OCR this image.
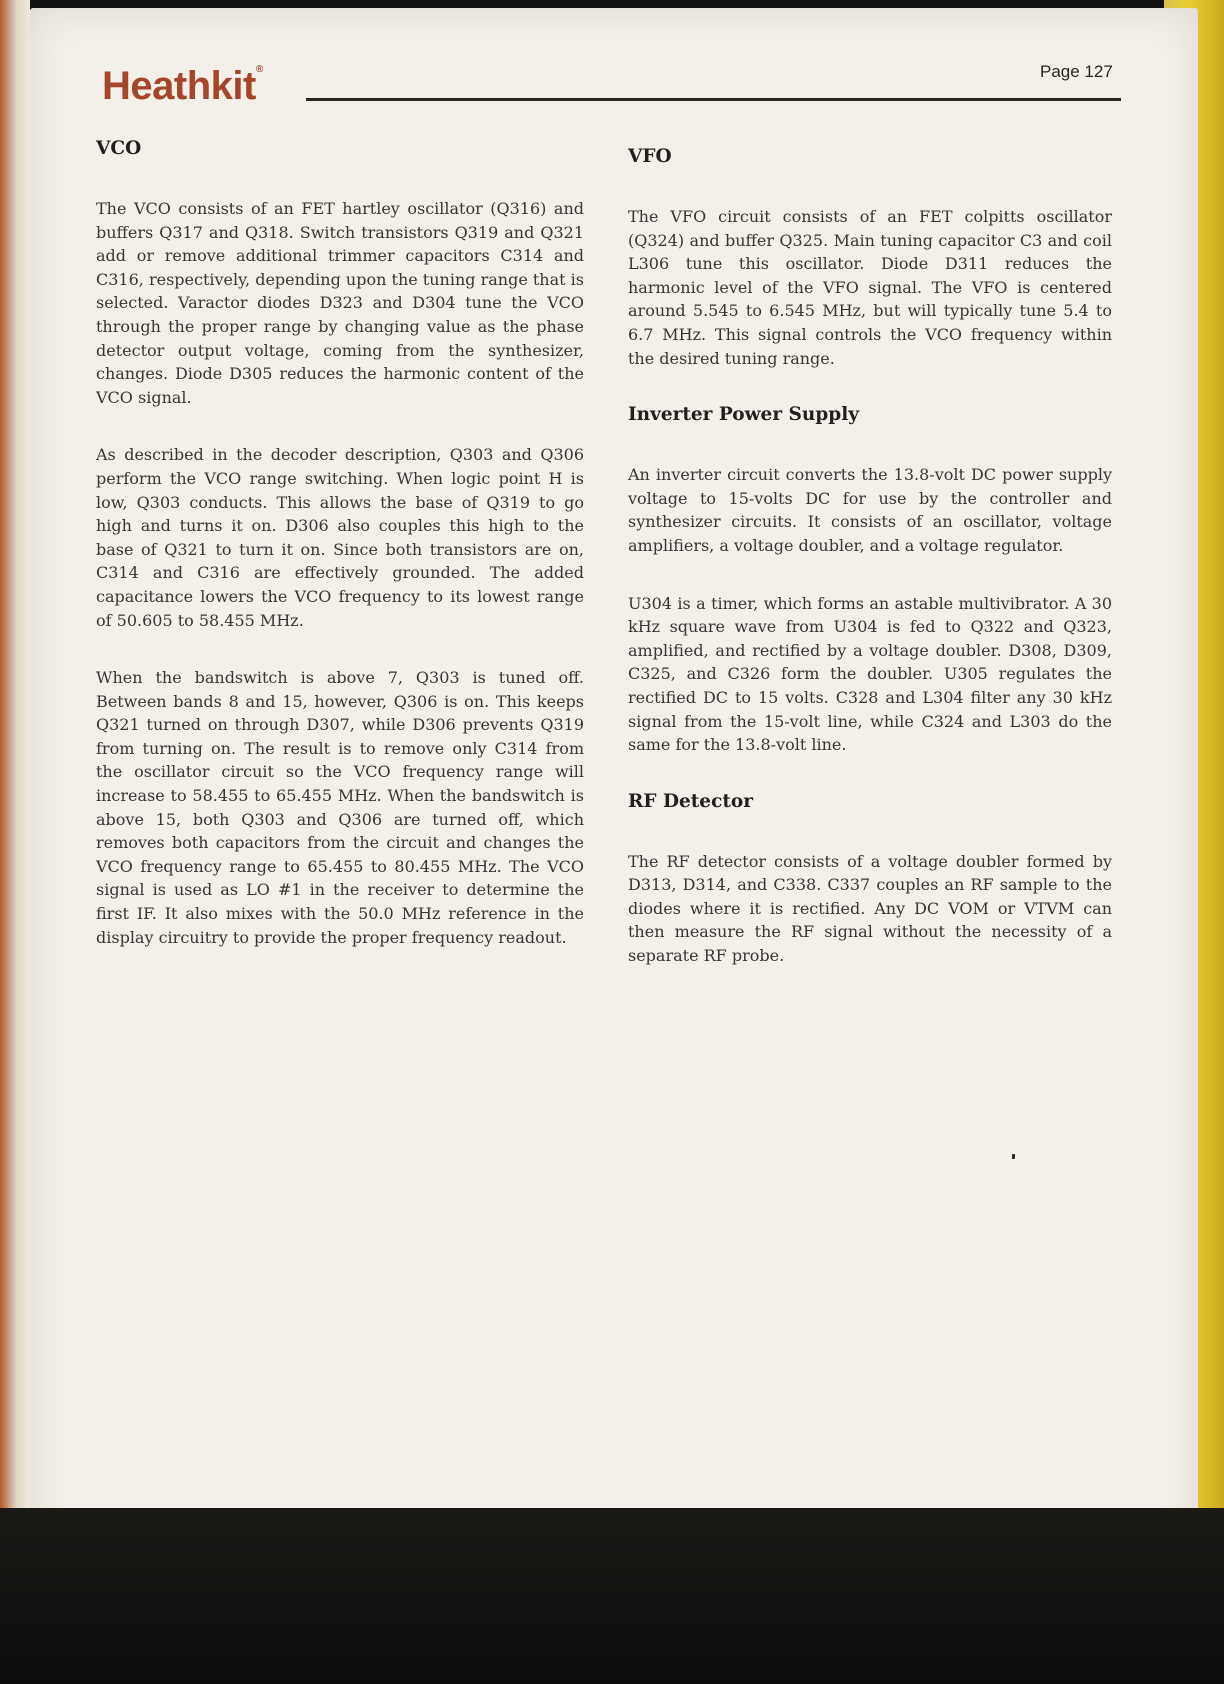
Heathkit®	Page 127
VCO

The VCO consists of an FET hartley oscillator (Q316) and buffers Q317 and Q318. Switch transistors Q319 and Q321 add or remove additional trimmer capacitors C314 and C316, respectively, depending upon the tuning range that is selected. Varactor diodes D323 and D304 tune the VCO through the proper range by changing value as the phase detector output voltage, coming from the synthesizer, changes. Diode D305 reduces the harmonic content of the VCO signal.

As described in the decoder description, Q303 and Q306 perform the VCO range switching. When logic point H is low, Q303 conducts. This allows the base of Q319 to go high and turns it on. D306 also couples this high to the base of Q321 to turn it on. Since both transistors are on, C314 and C316 are effectively grounded. The added capacitance lowers the VCO frequency to its lowest range of 50.605 to 58.455 MHz.

When the bandswitch is above 7, Q303 is tuned off. Between bands 8 and 15, however, Q306 is on. This keeps Q321 turned on through D307, while D306 prevents Q319 from turning on. The result is to remove only C314 from the oscillator circuit so the VCO frequency range will increase to 58.455 to 65.455 MHz. When the bandswitch is above 15, both Q303 and Q306 are turned off, which removes both capacitors from the circuit and changes the VCO frequency range to 65.455 to 80.455 MHz. The VCO signal is used as LO #1 in the receiver to determine the first IF. It also mixes with the 50.0 MHz reference in the display circuitry to provide the proper frequency readout.

VFO

The VFO circuit consists of an FET colpitts oscillator (Q324) and buffer Q325. Main tuning capacitor C3 and coil L306 tune this oscillator. Diode D311 reduces the harmonic level of the VFO signal. The VFO is centered around 5.545 to 6.545 MHz, but will typically tune 5.4 to 6.7 MHz. This signal controls the VCO frequency within the desired tuning range.

Inverter Power Supply

An inverter circuit converts the 13.8-volt DC power supply voltage to 15-volts DC for use by the controller and synthesizer circuits. It consists of an oscillator, voltage amplifiers, a voltage doubler, and a voltage regulator.

U304 is a timer, which forms an astable multivibrator. A 30 kHz square wave from U304 is fed to Q322 and Q323, amplified, and rectified by a voltage doubler. D308, D309, C325, and C326 form the doubler. U305 regulates the rectified DC to 15 volts. C328 and L304 filter any 30 kHz signal from the 15-volt line, while C324 and L303 do the same for the 13.8-volt line.

RF Detector

The RF detector consists of a voltage doubler formed by D313, D314, and C338. C337 couples an RF sample to the diodes where it is rectified. Any DC VOM or VTVM can then measure the RF signal without the necessity of a separate RF probe.
